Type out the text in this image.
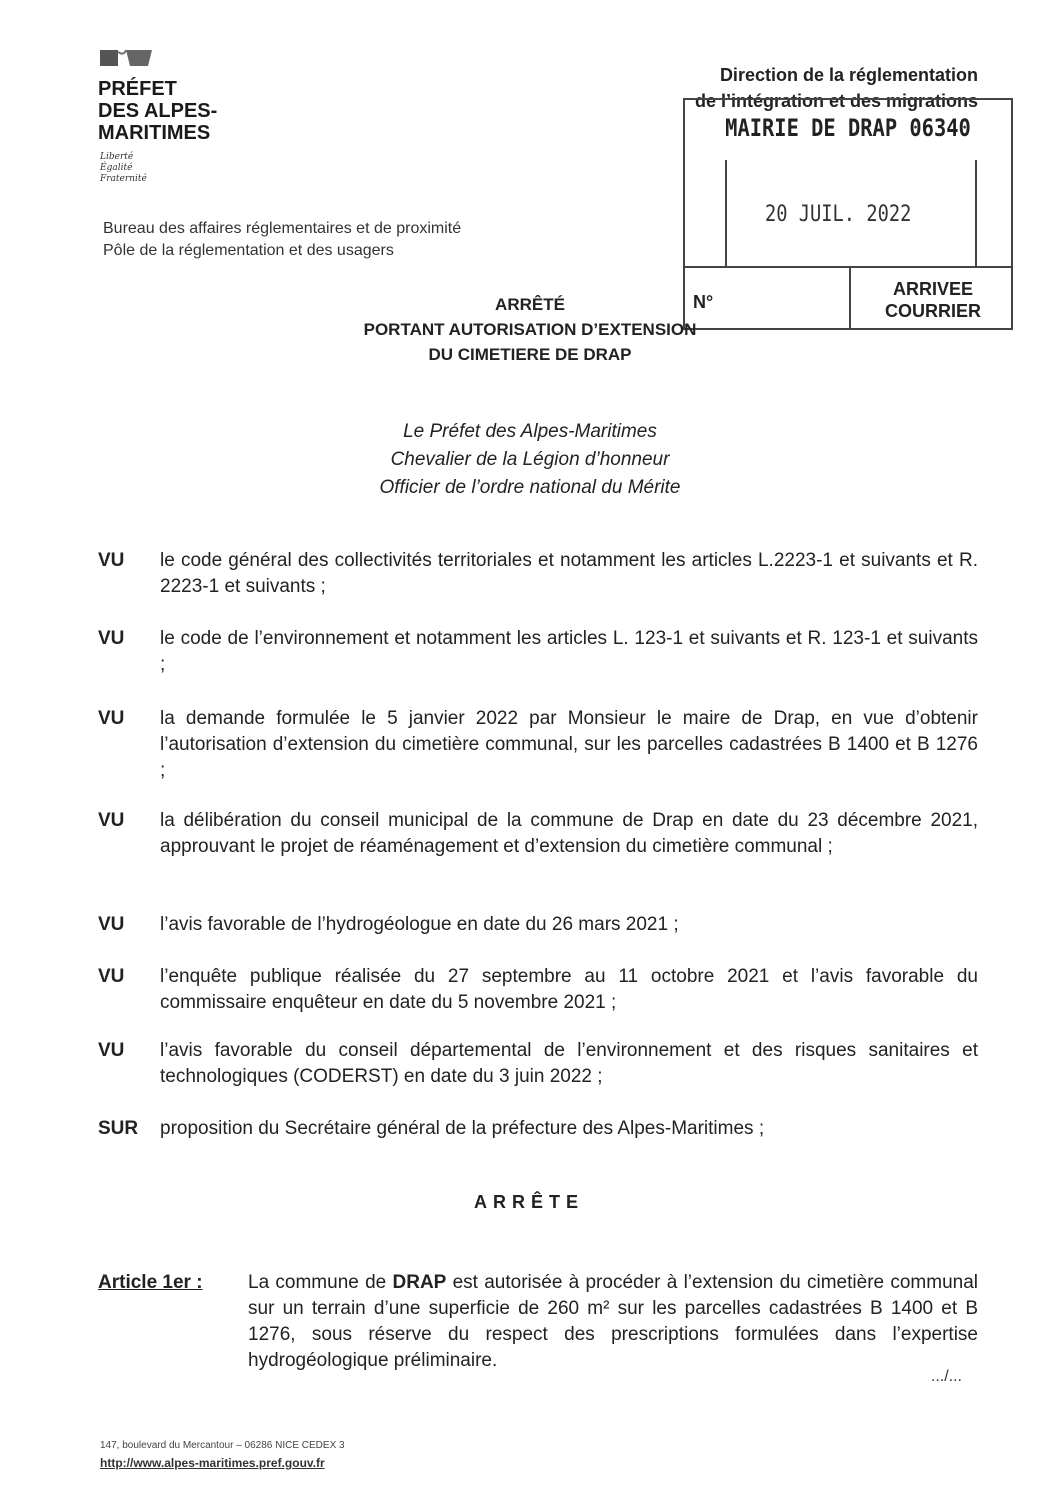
PRÉFET
DES ALPES-
MARITIMES
Liberté
Égalité
Fraternité
Bureau des affaires réglementaires et de proximité
Pôle de la réglementation et des usagers
Direction de la réglementation
de l’intégration et des migrations
MAIRIE DE DRAP 06340
20 JUIL. 2022
N°
ARRIVEE
COURRIER
ARRÊTÉ
PORTANT AUTORISATION D’EXTENSION
DU CIMETIERE DE DRAP
Le Préfet des Alpes-Maritimes
Chevalier de la Légion d’honneur
Officier de l’ordre national du Mérite
VU le code général des collectivités territoriales et notamment les articles L.2223-1 et suivants et R. 2223-1 et suivants ;
VU le code de l’environnement et notamment les articles L. 123-1 et suivants et R. 123-1 et suivants ;
VU la demande formulée le 5 janvier 2022 par Monsieur le maire de Drap, en vue d’obtenir l’autorisation d’extension du cimetière communal, sur les parcelles cadastrées B 1400 et B 1276 ;
VU la délibération du conseil municipal de la commune de Drap en date du 23 décembre 2021, approuvant le projet de réaménagement et d’extension du cimetière communal ;
VU l’avis favorable de l’hydrogéologue en date du 26 mars 2021 ;
VU l’enquête publique réalisée du 27 septembre au 11 octobre 2021 et l’avis favorable du commissaire enquêteur en date du 5 novembre 2021 ;
VU l’avis favorable du conseil départemental de l’environnement et des risques sanitaires et technologiques (CODERST) en date du 3 juin 2022 ;
SUR proposition du Secrétaire général de la préfecture des Alpes-Maritimes ;
ARRÊTE
Article 1er : La commune de DRAP est autorisée à procéder à l’extension du cimetière communal sur un terrain d’une superficie de 260 m² sur les parcelles cadastrées B 1400 et B 1276, sous réserve du respect des prescriptions formulées dans l’expertise hydrogéologique préliminaire.
.../...
147, boulevard du Mercantour – 06286 NICE CEDEX 3
http://www.alpes-maritimes.pref.gouv.fr
